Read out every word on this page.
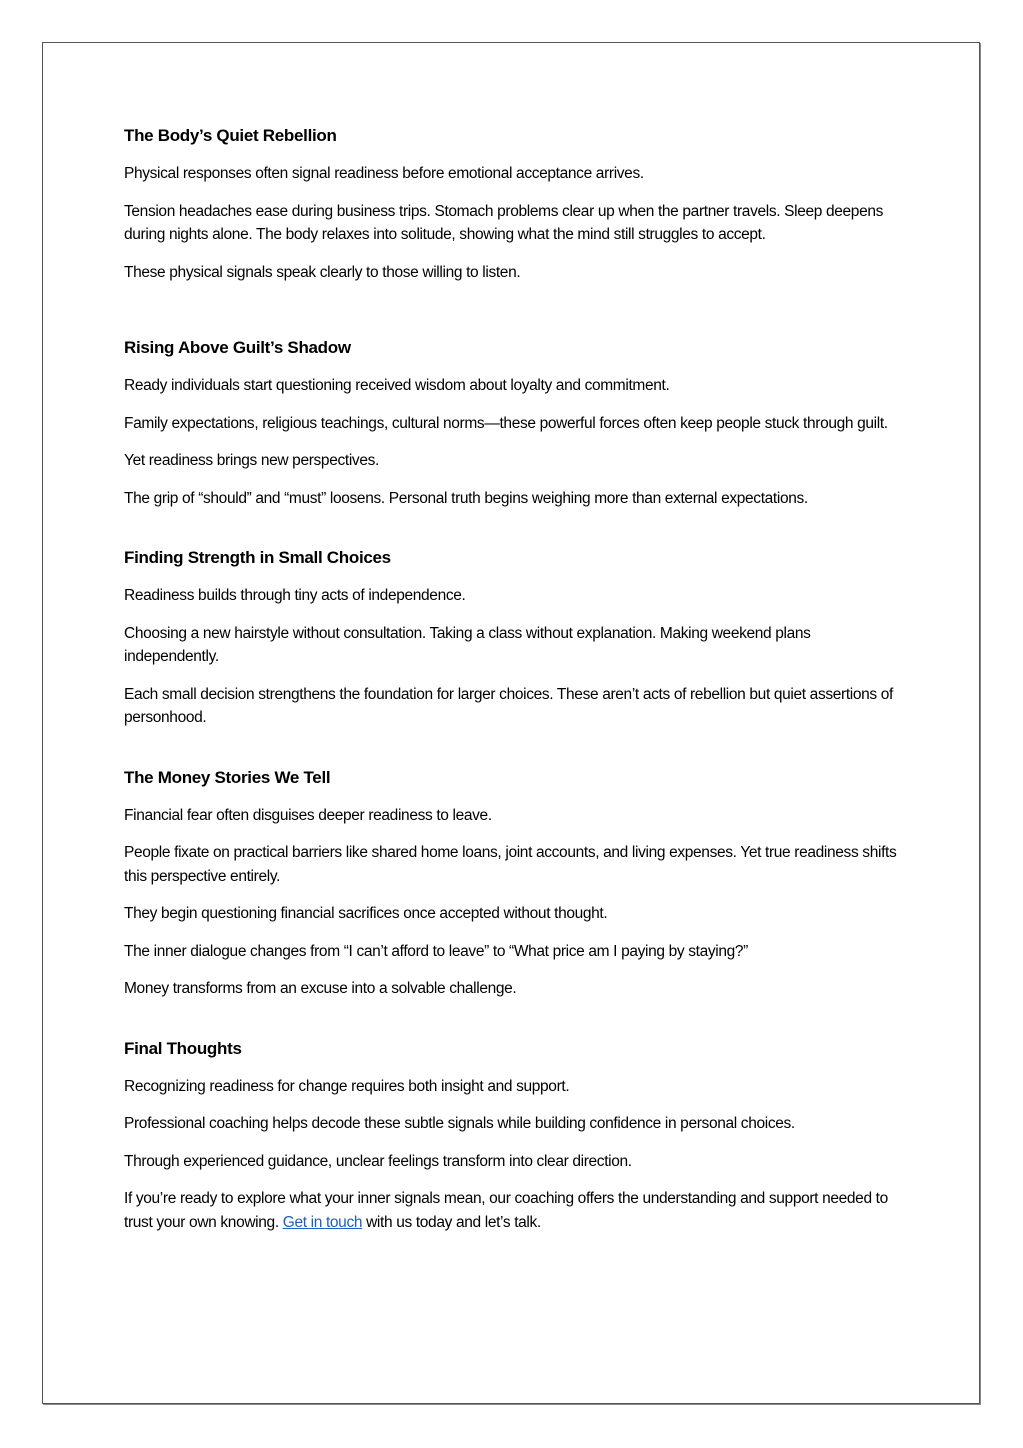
The Body’s Quiet Rebellion

Physical responses often signal readiness before emotional acceptance arrives.

Tension headaches ease during business trips. Stomach problems clear up when the partner travels. Sleep deepens during nights alone. The body relaxes into solitude, showing what the mind still struggles to accept.

These physical signals speak clearly to those willing to listen.

Rising Above Guilt’s Shadow

Ready individuals start questioning received wisdom about loyalty and commitment.

Family expectations, religious teachings, cultural norms—these powerful forces often keep people stuck through guilt.

Yet readiness brings new perspectives.

The grip of “should” and “must” loosens. Personal truth begins weighing more than external expectations.

Finding Strength in Small Choices

Readiness builds through tiny acts of independence.

Choosing a new hairstyle without consultation. Taking a class without explanation. Making weekend plans independently.

Each small decision strengthens the foundation for larger choices. These aren’t acts of rebellion but quiet assertions of personhood.

The Money Stories We Tell

Financial fear often disguises deeper readiness to leave.

People fixate on practical barriers like shared home loans, joint accounts, and living expenses. Yet true readiness shifts this perspective entirely.

They begin questioning financial sacrifices once accepted without thought.

The inner dialogue changes from “I can’t afford to leave” to “What price am I paying by staying?”

Money transforms from an excuse into a solvable challenge.

Final Thoughts

Recognizing readiness for change requires both insight and support.

Professional coaching helps decode these subtle signals while building confidence in personal choices.

Through experienced guidance, unclear feelings transform into clear direction.

If you’re ready to explore what your inner signals mean, our coaching offers the understanding and support needed to trust your own knowing. Get in touch with us today and let’s talk.
